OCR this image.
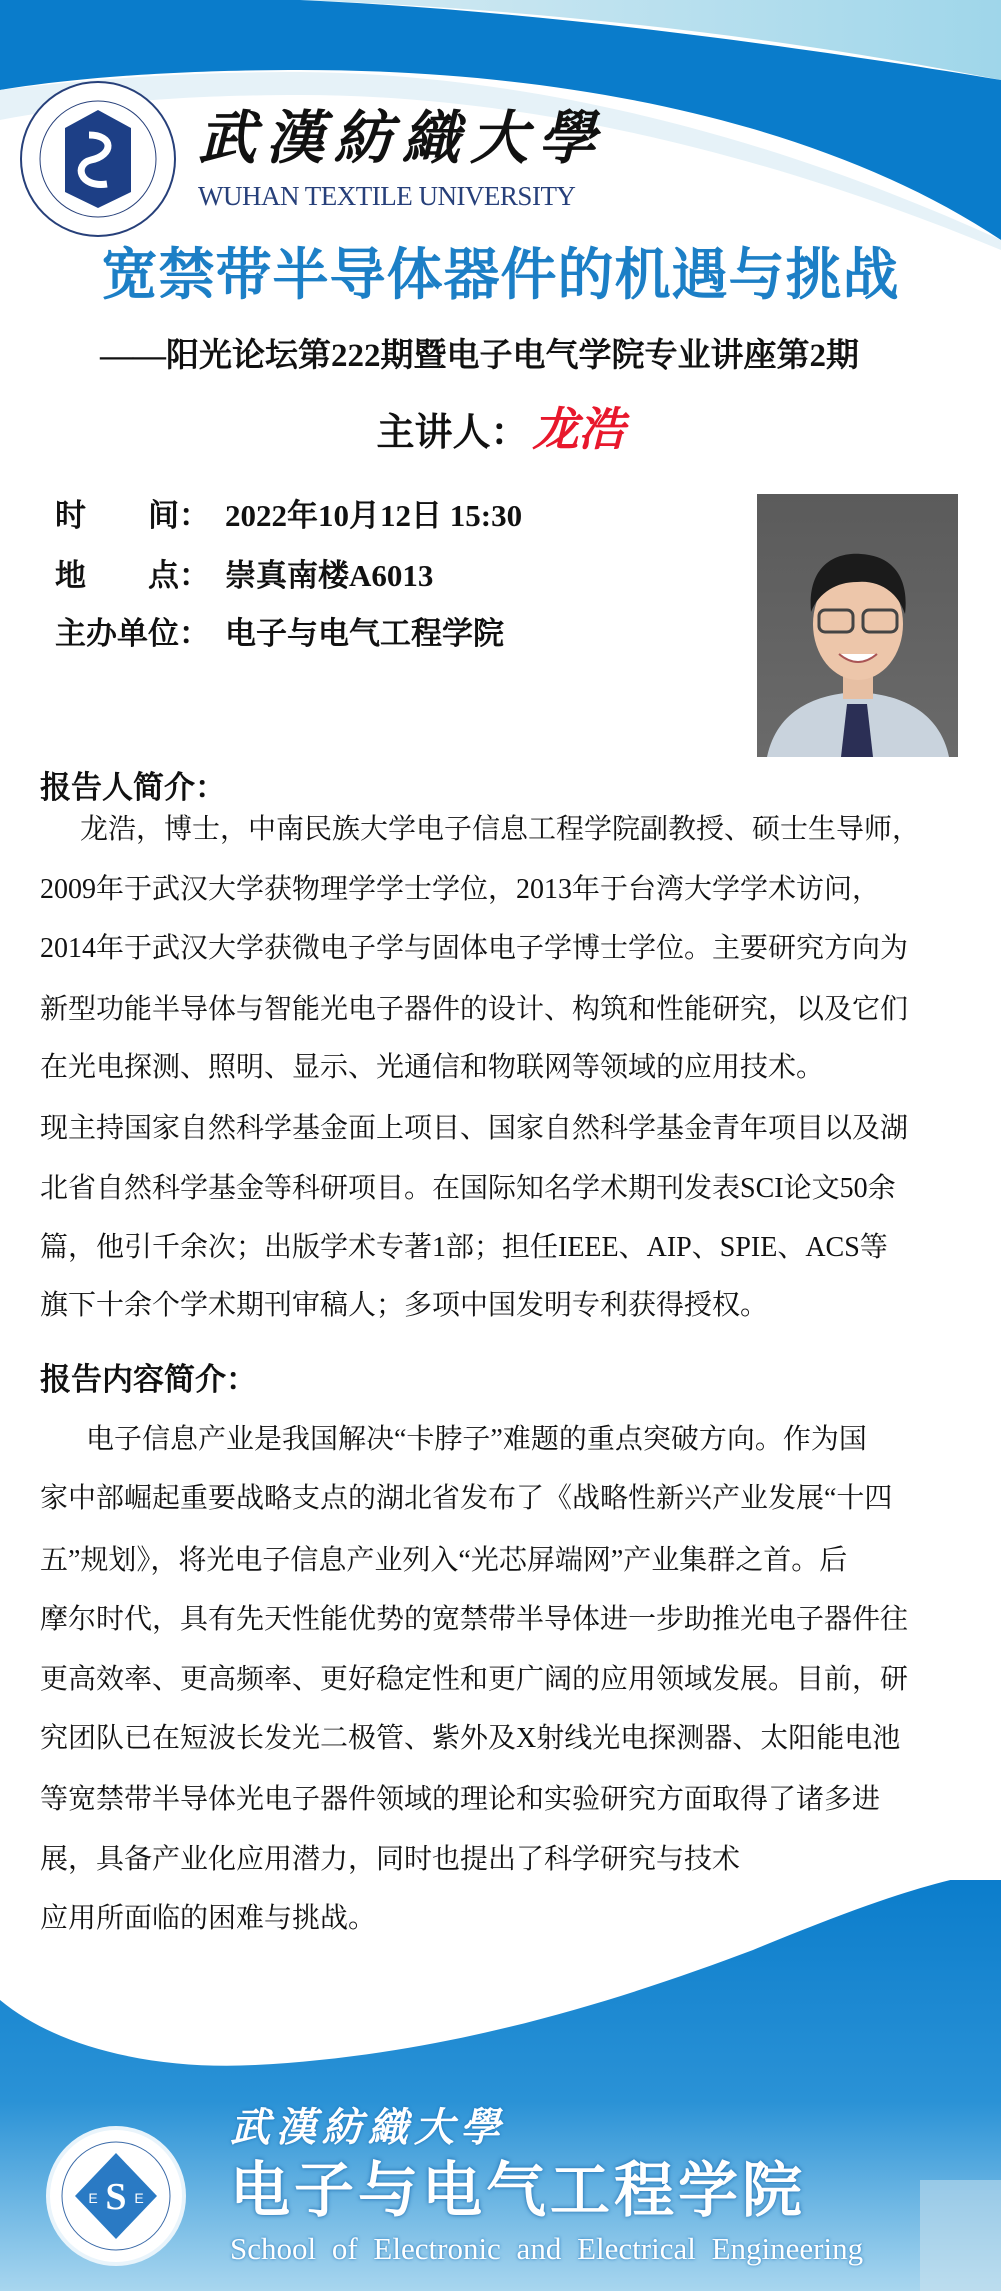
武漢紡織大學
WUHAN TEXTILE UNIVERSITY
宽禁带半导体器件的机遇与挑战
——阳光论坛第222期暨电子电气学院专业讲座第2期
主讲人：龙浩
时　　间： 2022年10月12日 15:30
地　　点： 崇真南楼A6013
主办单位： 电子与电气工程学院
报告人简介：
龙浩，博士，中南民族大学电子信息工程学院副教授、硕士生导师，
2009年于武汉大学获物理学学士学位，2013年于台湾大学学术访问，
2014年于武汉大学获微电子学与固体电子学博士学位。主要研究方向为
新型功能半导体与智能光电子器件的设计、构筑和性能研究，以及它们
在光电探测、照明、显示、光通信和物联网等领域的应用技术。
现主持国家自然科学基金面上项目、国家自然科学基金青年项目以及湖
北省自然科学基金等科研项目。在国际知名学术期刊发表SCI论文50余
篇，他引千余次；出版学术专著1部；担任IEEE、AIP、SPIE、ACS等
旗下十余个学术期刊审稿人；多项中国发明专利获得授权。
报告内容简介：
电子信息产业是我国解决“卡脖子”难题的重点突破方向。作为国
家中部崛起重要战略支点的湖北省发布了《战略性新兴产业发展“十四
五”规划》，将光电子信息产业列入“光芯屏端网”产业集群之首。后
摩尔时代，具有先天性能优势的宽禁带半导体进一步助推光电子器件往
更高效率、更高频率、更好稳定性和更广阔的应用领域发展。目前，研
究团队已在短波长发光二极管、紫外及X射线光电探测器、太阳能电池
等宽禁带半导体光电子器件领域的理论和实验研究方面取得了诸多进
展，具备产业化应用潜力，同时也提出了科学研究与技术
应用所面临的困难与挑战。
S
E	E
武漢紡織大學
电子与电气工程学院
School of Electronic and Electrical Engineering
